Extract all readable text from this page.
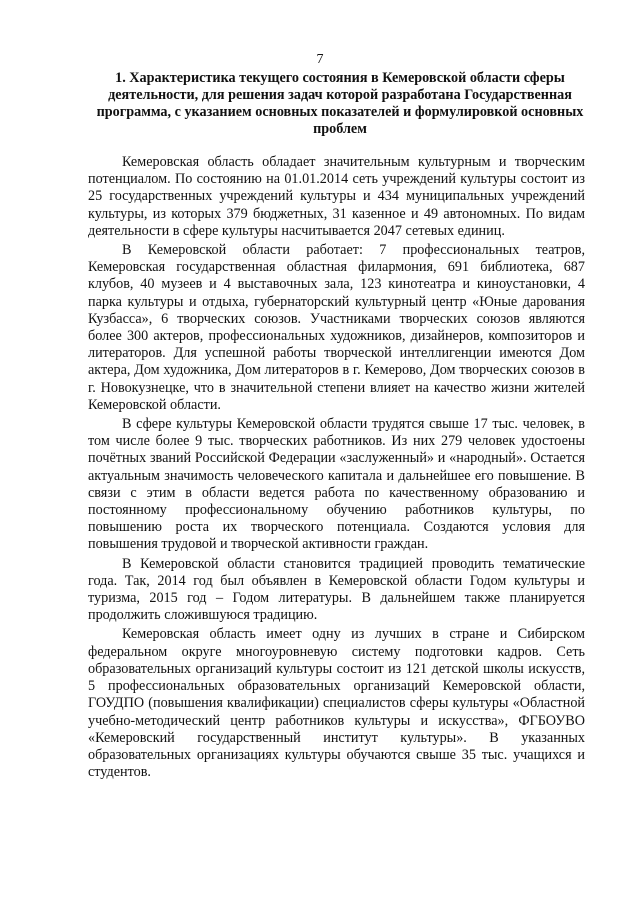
7
1. Характеристика текущего состояния в Кемеровской области сферы деятельности, для решения задач которой разработана Государственная программа, с указанием основных показателей и формулировкой основных проблем

Кемеровская область обладает значительным культурным и творческим потенциалом. По состоянию на 01.01.2014 сеть учреждений культуры состоит из 25 государственных учреждений культуры и 434 муниципальных учреждений культуры, из которых 379 бюджетных, 31 казенное и 49 автономных. По видам деятельности в сфере культуры насчитывается 2047 сетевых единиц.

В Кемеровской области работает: 7 профессиональных театров, Кемеровская государственная областная филармония, 691 библиотека, 687 клубов, 40 музеев и 4 выставочных зала, 123 кинотеатра и киноустановки, 4 парка культуры и отдыха, губернаторский культурный центр «Юные дарования Кузбасса», 6 творческих союзов. Участниками творческих союзов являются более 300 актеров, профессиональных художников, дизайнеров, композиторов и литераторов. Для успешной работы творческой интеллигенции имеются Дом актера, Дом художника, Дом литераторов в г. Кемерово, Дом творческих союзов в г. Новокузнецке, что в значительной степени влияет на качество жизни жителей Кемеровской области.

В сфере культуры Кемеровской области трудятся свыше 17 тыс. человек, в том числе более 9 тыс. творческих работников. Из них 279 человек удостоены почётных званий Российской Федерации «заслуженный» и «народный». Остается актуальным значимость человеческого капитала и дальнейшее его повышение. В связи с этим в области ведется работа по качественному образованию и постоянному профессиональному обучению работников культуры, по повышению роста их творческого потенциала. Создаются условия для повышения трудовой и творческой активности граждан.

В Кемеровской области становится традицией проводить тематические года. Так, 2014 год был объявлен в Кемеровской области Годом культуры и туризма, 2015 год – Годом литературы. В дальнейшем также планируется продолжить сложившуюся традицию.

Кемеровская область имеет одну из лучших в стране и Сибирском федеральном округе многоуровневую систему подготовки кадров. Сеть образовательных организаций культуры состоит из 121 детской школы искусств, 5 профессиональных образовательных организаций Кемеровской области, ГОУДПО (повышения квалификации) специалистов сферы культуры «Областной учебно-методический центр работников культуры и искусства», ФГБОУВО «Кемеровский государственный институт культуры». В указанных образовательных организациях культуры обучаются свыше 35 тыс. учащихся и студентов.
